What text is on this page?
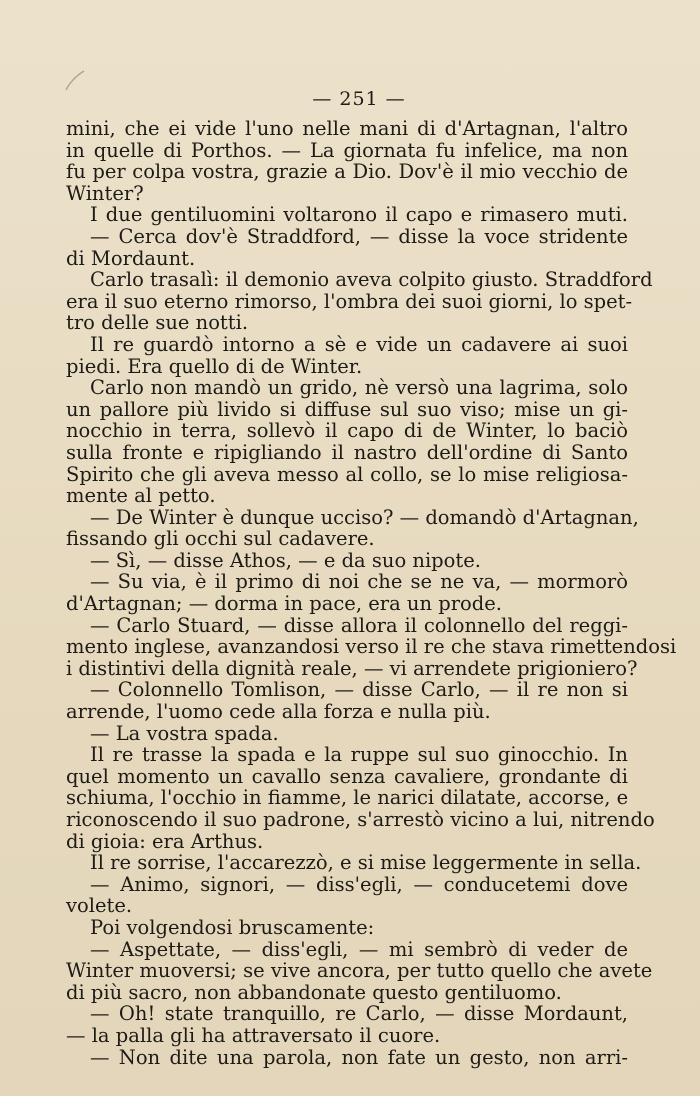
— 251 —
mini, che ei vide l'uno nelle mani di d'Artagnan, l'altro
in quelle di Porthos. — La giornata fu infelice, ma non
fu per colpa vostra, grazie a Dio. Dov'è il mio vecchio de
Winter?
I due gentiluomini voltarono il capo e rimasero muti.
— Cerca dov'è Straddford, — disse la voce stridente
di Mordaunt.
Carlo trasalì: il demonio aveva colpito giusto. Straddford
era il suo eterno rimorso, l'ombra dei suoi giorni, lo spet-
tro delle sue notti.
Il re guardò intorno a sè e vide un cadavere ai suoi
piedi. Era quello di de Winter.
Carlo non mandò un grido, nè versò una lagrima, solo
un pallore più livido si diffuse sul suo viso; mise un gi-
nocchio in terra, sollevò il capo di de Winter, lo baciò
sulla fronte e ripigliando il nastro dell'ordine di Santo
Spirito che gli aveva messo al collo, se lo mise religiosa-
mente al petto.
— De Winter è dunque ucciso? — domandò d'Artagnan,
fissando gli occhi sul cadavere.
— Sì, — disse Athos, — e da suo nipote.
— Su via, è il primo di noi che se ne va, — mormorò
d'Artagnan; — dorma in pace, era un prode.
— Carlo Stuard, — disse allora il colonnello del reggi-
mento inglese, avanzandosi verso il re che stava rimettendosi
i distintivi della dignità reale, — vi arrendete prigioniero?
— Colonnello Tomlison, — disse Carlo, — il re non si
arrende, l'uomo cede alla forza e nulla più.
— La vostra spada.
Il re trasse la spada e la ruppe sul suo ginocchio. In
quel momento un cavallo senza cavaliere, grondante di
schiuma, l'occhio in fiamme, le narici dilatate, accorse, e
riconoscendo il suo padrone, s'arrestò vicino a lui, nitrendo
di gioia: era Arthus.
Il re sorrise, l'accarezzò, e si mise leggermente in sella.
— Animo, signori, — diss'egli, — conducetemi dove
volete.
Poi volgendosi bruscamente:
— Aspettate, — diss'egli, — mi sembrò di veder de
Winter muoversi; se vive ancora, per tutto quello che avete
di più sacro, non abbandonate questo gentiluomo.
— Oh! state tranquillo, re Carlo, — disse Mordaunt,
— la palla gli ha attraversato il cuore.
— Non dite una parola, non fate un gesto, non arri-
